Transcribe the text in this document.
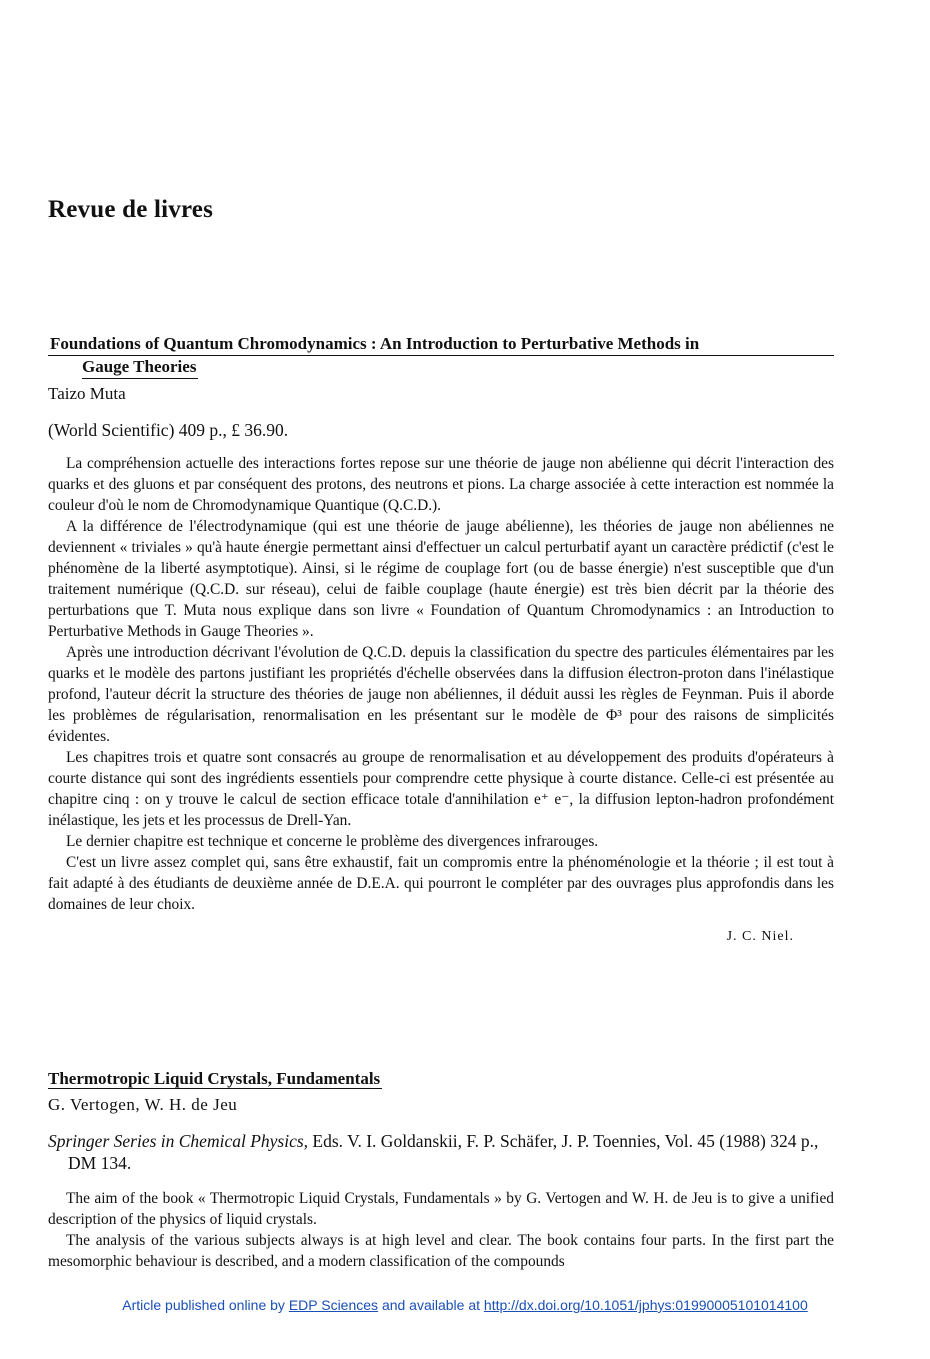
Revue de livres
Foundations of Quantum Chromodynamics : An Introduction to Perturbative Methods in
Gauge Theories
Taizo Muta
(World Scientific) 409 p., £ 36.90.

La compréhension actuelle des interactions fortes repose sur une théorie de jauge non abélienne qui décrit l'interaction des quarks et des gluons et par conséquent des protons, des neutrons et pions. La charge associée à cette interaction est nommée la couleur d'où le nom de Chromodynamique Quantique (Q.C.D.).

A la différence de l'électrodynamique (qui est une théorie de jauge abélienne), les théories de jauge non abéliennes ne deviennent « triviales » qu'à haute énergie permettant ainsi d'effectuer un calcul perturbatif ayant un caractère prédictif (c'est le phénomène de la liberté asymptotique). Ainsi, si le régime de couplage fort (ou de basse énergie) n'est susceptible que d'un traitement numérique (Q.C.D. sur réseau), celui de faible couplage (haute énergie) est très bien décrit par la théorie des perturbations que T. Muta nous explique dans son livre « Foundation of Quantum Chromodynamics : an Introduction to Perturbative Methods in Gauge Theories ».

Après une introduction décrivant l'évolution de Q.C.D. depuis la classification du spectre des particules élémentaires par les quarks et le modèle des partons justifiant les propriétés d'échelle observées dans la diffusion électron-proton dans l'inélastique profond, l'auteur décrit la structure des théories de jauge non abéliennes, il déduit aussi les règles de Feynman. Puis il aborde les problèmes de régularisation, renormalisation en les présentant sur le modèle de Φ³ pour des raisons de simplicités évidentes.

Les chapitres trois et quatre sont consacrés au groupe de renormalisation et au développement des produits d'opérateurs à courte distance qui sont des ingrédients essentiels pour comprendre cette physique à courte distance. Celle-ci est présentée au chapitre cinq : on y trouve le calcul de section efficace totale d'annihilation e⁺ e⁻, la diffusion lepton-hadron profondément inélastique, les jets et les processus de Drell-Yan.

Le dernier chapitre est technique et concerne le problème des divergences infrarouges.

C'est un livre assez complet qui, sans être exhaustif, fait un compromis entre la phénoménologie et la théorie ; il est tout à fait adapté à des étudiants de deuxième année de D.E.A. qui pourront le compléter par des ouvrages plus approfondis dans les domaines de leur choix.

J. C. Niel.
Thermotropic Liquid Crystals, Fundamentals
G. Vertogen, W. H. de Jeu
Springer Series in Chemical Physics, Eds. V. I. Goldanskii, F. P. Schäfer, J. P. Toennies, Vol. 45 (1988) 324 p., DM 134.

The aim of the book « Thermotropic Liquid Crystals, Fundamentals » by G. Vertogen and W. H. de Jeu is to give a unified description of the physics of liquid crystals.

The analysis of the various subjects always is at high level and clear. The book contains four parts. In the first part the mesomorphic behaviour is described, and a modern classification of the compounds

Article published online by EDP Sciences and available at http://dx.doi.org/10.1051/jphys:01990005101014100
